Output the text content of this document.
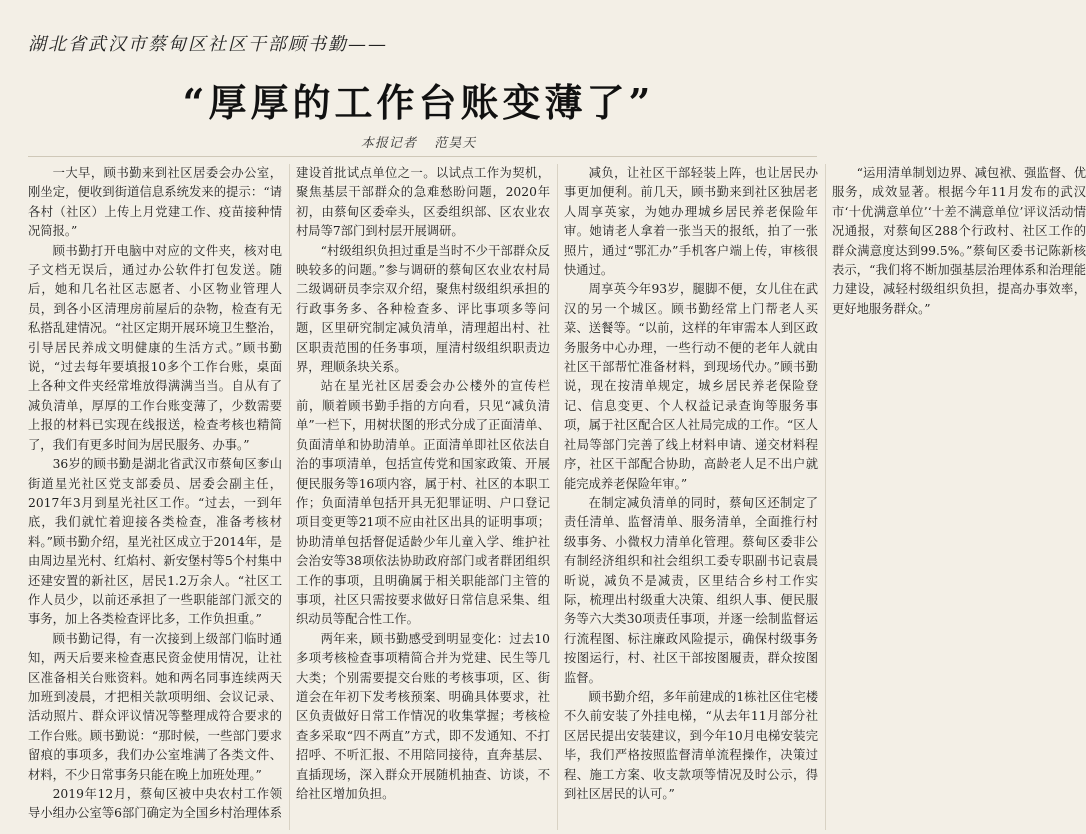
湖北省武汉市蔡甸区社区干部顾书勤——
“厚厚的工作台账变薄了”
本报记者 范昊天

一大早，顾书勤来到社区居委会办公室，刚坐定，便收到街道信息系统发来的提示：“请各村（社区）上传上月党建工作、疫苗接种情况简报。”

顾书勤打开电脑中对应的文件夹，核对电子文档无误后，通过办公软件打包发送。随后，她和几名社区志愿者、小区物业管理人员，到各小区清理房前屋后的杂物，检查有无私搭乱建情况。“社区定期开展环境卫生整治，引导居民养成文明健康的生活方式。”顾书勤说，“过去每年要填报10多个工作台账，桌面上各种文件夹经常堆放得满满当当。自从有了减负清单，厚厚的工作台账变薄了，少数需要上报的材料已实现在线报送，检查考核也精简了，我们有更多时间为居民服务、办事。”

36岁的顾书勤是湖北省武汉市蔡甸区奓山街道星光社区党支部委员、居委会副主任，2017年3月到星光社区工作。“过去，一到年底，我们就忙着迎接各类检查，准备考核材料。”顾书勤介绍，星光社区成立于2014年，是由周边星光村、红焰村、新安堡村等5个村集中还建安置的新社区，居民1.2万余人。“社区工作人员少，以前还承担了一些职能部门派交的事务，加上各类检查评比多，工作负担重。”

顾书勤记得，有一次接到上级部门临时通知，两天后要来检查惠民资金使用情况，让社区准备相关台账资料。她和两名同事连续两天加班到凌晨，才把相关款项明细、会议记录、活动照片、群众评议情况等整理成符合要求的工作台账。顾书勤说：“那时候，一些部门要求留痕的事项多，我们办公室堆满了各类文件、材料，不少日常事务只能在晚上加班处理。”

2019年12月，蔡甸区被中央农村工作领导小组办公室等6部门确定为全国乡村治理体系建设首批试点单位之一。以试点工作为契机，聚焦基层干部群众的急难愁盼问题，2020年初，由蔡甸区委牵头，区委组织部、区农业农村局等7部门到村层开展调研。

“村级组织负担过重是当时不少干部群众反映较多的问题。”参与调研的蔡甸区农业农村局二级调研员李宗双介绍，聚焦村级组织承担的行政事务多、各种检查多、评比事项多等问题，区里研究制定减负清单，清理超出村、社区职责范围的任务事项，厘清村级组织职责边界，理顺条块关系。

站在星光社区居委会办公楼外的宣传栏前，顺着顾书勤手指的方向看，只见“减负清单”一栏下，用树状图的形式分成了正面清单、负面清单和协助清单。正面清单即社区依法自治的事项清单，包括宣传党和国家政策、开展便民服务等16项内容，属于村、社区的本职工作；负面清单包括开具无犯罪证明、户口登记项目变更等21项不应由社区出具的证明事项；协助清单包括督促适龄少年儿童入学、维护社会治安等38项依法协助政府部门或者群团组织工作的事项，且明确属于相关职能部门主管的事项，社区只需按要求做好日常信息采集、组织动员等配合性工作。

两年来，顾书勤感受到明显变化：过去10多项考核检查事项精简合并为党建、民生等几大类；个别需要提交台账的考核事项，区、街道会在年初下发考核预案、明确具体要求，社区负责做好日常工作情况的收集掌握；考核检查多采取“四不两直”方式，即不发通知、不打招呼、不听汇报、不用陪同接待，直奔基层、直插现场，深入群众开展随机抽查、访谈，不给社区增加负担。

减负，让社区干部轻装上阵，也让居民办事更加便利。前几天，顾书勤来到社区独居老人周享英家，为她办理城乡居民养老保险年审。她请老人拿着一张当天的报纸，拍了一张照片，通过“鄂汇办”手机客户端上传，审核很快通过。

周享英今年93岁，腿脚不便，女儿住在武汉的另一个城区。顾书勤经常上门帮老人买菜、送餐等。“以前，这样的年审需本人到区政务服务中心办理，一些行动不便的老年人就由社区干部帮忙准备材料，到现场代办。”顾书勤说，现在按清单规定，城乡居民养老保险登记、信息变更、个人权益记录查询等服务事项，属于社区配合区人社局完成的工作。“区人社局等部门完善了线上材料申请、递交材料程序，社区干部配合协助，高龄老人足不出户就能完成养老保险年审。”

在制定减负清单的同时，蔡甸区还制定了责任清单、监督清单、服务清单，全面推行村级事务、小微权力清单化管理。蔡甸区委非公有制经济组织和社会组织工委专职副书记袁晨昕说，减负不是减责，区里结合乡村工作实际，梳理出村级重大决策、组织人事、便民服务等六大类30项责任事项，并逐一绘制监督运行流程图、标注廉政风险提示，确保村级事务按图运行，村、社区干部按图履责，群众按图监督。

顾书勤介绍，多年前建成的1栋社区住宅楼不久前安装了外挂电梯，“从去年11月部分社区居民提出安装建议，到今年10月电梯安装完毕，我们严格按照监督清单流程操作，决策过程、施工方案、收支款项等情况及时公示，得到社区居民的认可。”

“运用清单制划边界、减包袱、强监督、优服务，成效显著。根据今年11月发布的武汉市‘十优满意单位’‘十差不满意单位’评议活动情况通报，对蔡甸区288个行政村、社区工作的群众满意度达到99.5%。”蔡甸区委书记陈新核表示，“我们将不断加强基层治理体系和治理能力建设，减轻村级组织负担，提高办事效率，更好地服务群众。”
